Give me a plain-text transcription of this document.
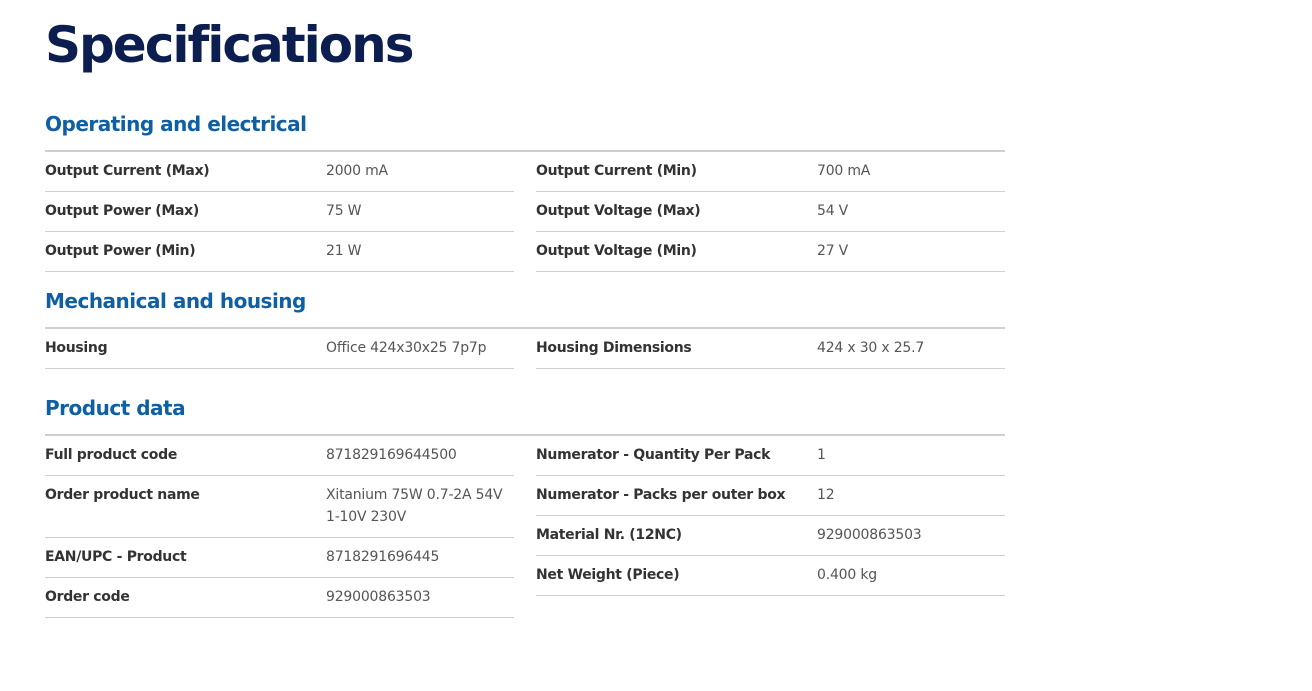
Specifications
Operating and electrical
Output Current (Max)	2000 mA
Output Power (Max)	75 W
Output Power (Min)	21 W
Output Current (Min)	700 mA
Output Voltage (Max)	54 V
Output Voltage (Min)	27 V
Mechanical and housing
Housing	Office 424x30x25 7p7p	Housing Dimensions	424 x 30 x 25.7
Product data
Full product code	871829169644500
Order product name	Xitanium 75W 0.7-2A 54V 1-10V 230V
EAN/UPC - Product	8718291696445
Order code	929000863503
Numerator - Quantity Per Pack	1
Numerator - Packs per outer box	12
Material Nr. (12NC)	929000863503
Net Weight (Piece)	0.400 kg
